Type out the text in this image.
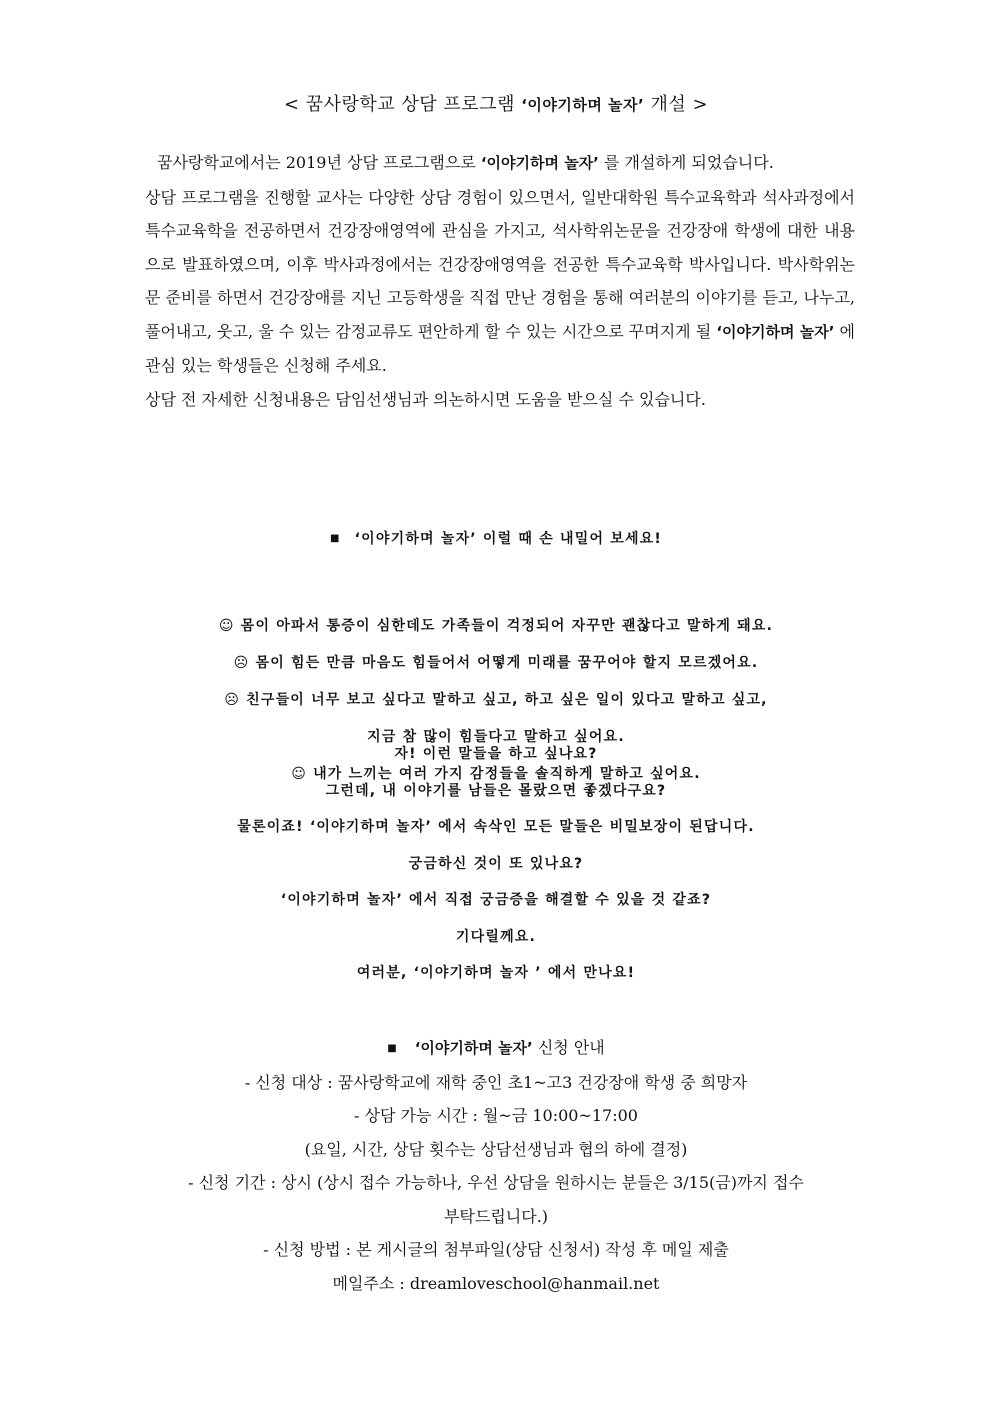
< 꿈사랑학교 상담 프로그램 ‘이야기하며 놀자’ 개설 >

꿈사랑학교에서는 2019년 상담 프로그램으로 ‘이야기하며 놀자’ 를 개설하게 되었습니다.

상담 프로그램을 진행할 교사는 다양한 상담 경험이 있으면서, 일반대학원 특수교육학과 석사과정에서 특수교육학을 전공하면서 건강장애영역에 관심을 가지고, 석사학위논문을 건강장애 학생에 대한 내용으로 발표하였으며, 이후 박사과정에서는 건강장애영역을 전공한 특수교육학 박사입니다. 박사학위논문 준비를 하면서 건강장애를 지닌 고등학생을 직접 만난 경험을 통해 여러분의 이야기를 듣고, 나누고, 풀어내고, 웃고, 울 수 있는 감정교류도 편안하게 할 수 있는 시간으로 꾸며지게 될 ‘이야기하며 놀자’ 에 관심 있는 학생들은 신청해 주세요.

상담 전 자세한 신청내용은 담임선생님과 의논하시면 도움을 받으실 수 있습니다.

■ ‘이야기하며 놀자’ 이럴 때 손 내밀어 보세요!

☺ 몸이 아파서 통증이 심한데도 가족들이 걱정되어 자꾸만 괜찮다고 말하게 돼요.

☹ 몸이 힘든 만큼 마음도 힘들어서 어떻게 미래를 꿈꾸어야 할지 모르겠어요.

☹ 친구들이 너무 보고 싶다고 말하고 싶고, 하고 싶은 일이 있다고 말하고 싶고,

지금 참 많이 힘들다고 말하고 싶어요.

☺ 내가 느끼는 여러 가지 감정들을 솔직하게 말하고 싶어요.

자! 이런 말들을 하고 싶나요?

그런데, 내 이야기를 남들은 몰랐으면 좋겠다구요?

물론이죠! ‘이야기하며 놀자’ 에서 속삭인 모든 말들은 비밀보장이 된답니다.

궁금하신 것이 또 있나요?

‘이야기하며 놀자’ 에서 직접 궁금증을 해결할 수 있을 것 같죠?

기다릴께요.

여러분, ‘이야기하며 놀자 ’ 에서 만나요!

■ ‘이야기하며 놀자’ 신청 안내

- 신청 대상 : 꿈사랑학교에 재학 중인 초1~고3 건강장애 학생 중 희망자

- 상담 가능 시간 : 월~금 10:00~17:00

(요일, 시간, 상담 횟수는 상담선생님과 협의 하에 결정)

- 신청 기간 : 상시 (상시 접수 가능하나, 우선 상담을 원하시는 분들은 3/15(금)까지 접수

부탁드립니다.)

- 신청 방법 : 본 게시글의 첨부파일(상담 신청서) 작성 후 메일 제출

메일주소 : dreamloveschool@hanmail.net
